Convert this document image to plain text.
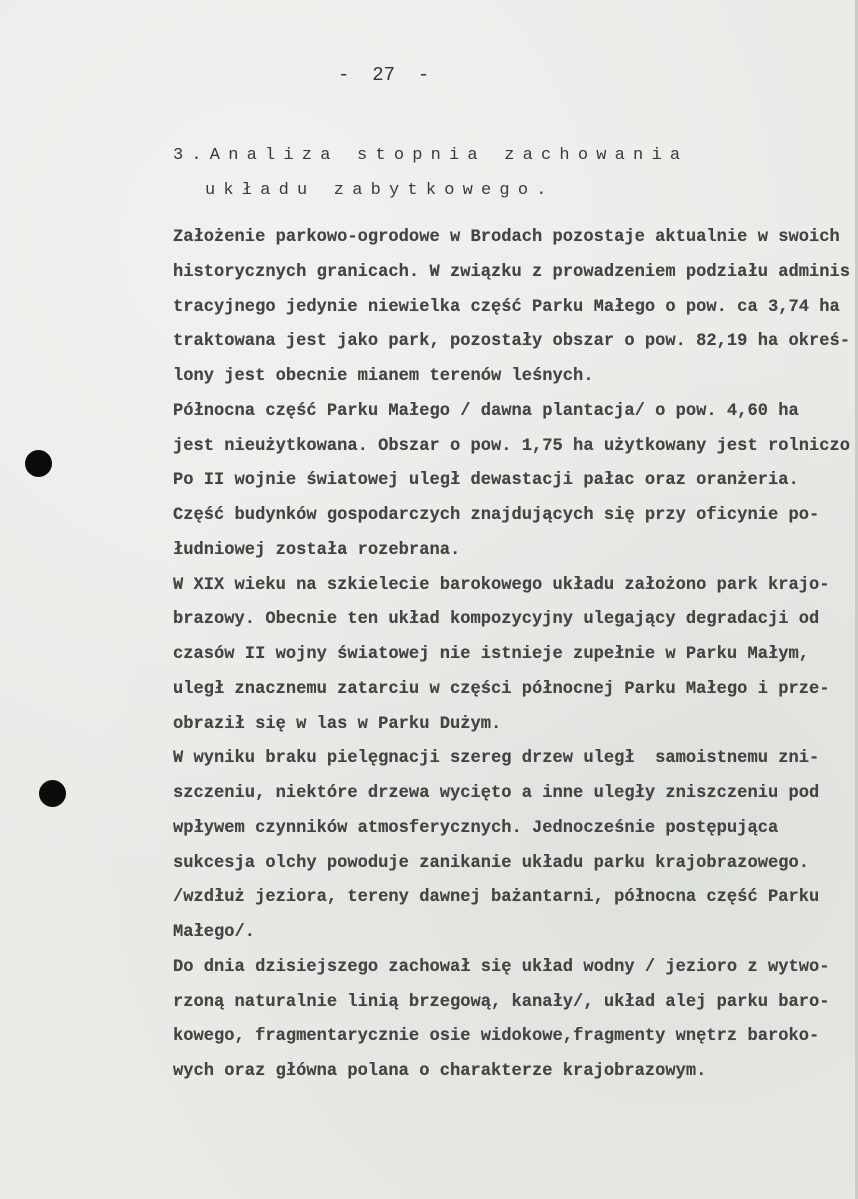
-  27  -
3.Analiza stopnia zachowania
układu zabytkowego.
Założenie parkowo-ogrodowe w Brodach pozostaje aktualnie w swoich
historycznych granicach. W związku z prowadzeniem podziału adminis
tracyjnego jedynie niewielka część Parku Małego o pow. ca 3,74 ha
traktowana jest jako park, pozostały obszar o pow. 82,19 ha okreś-
lony jest obecnie mianem terenów leśnych.
Północna część Parku Małego / dawna plantacja/ o pow. 4,60 ha
jest nieużytkowana. Obszar o pow. 1,75 ha użytkowany jest rolniczo
Po II wojnie światowej uległ dewastacji pałac oraz oranżeria.
Część budynków gospodarczych znajdujących się przy oficynie po-
łudniowej została rozebrana.
W XIX wieku na szkielecie barokowego układu założono park krajo-
brazowy. Obecnie ten układ kompozycyjny ulegający degradacji od
czasów II wojny światowej nie istnieje zupełnie w Parku Małym,
uległ znacznemu zatarciu w części północnej Parku Małego i prze-
obraził się w las w Parku Dużym.
W wyniku braku pielęgnacji szereg drzew uległ  samoistnemu zni-
szczeniu, niektóre drzewa wycięto a inne uległy zniszczeniu pod
wpływem czynników atmosferycznych. Jednocześnie postępująca
sukcesja olchy powoduje zanikanie układu parku krajobrazowego.
/wzdłuż jeziora, tereny dawnej bażantarni, północna część Parku
Małego/.
Do dnia dzisiejszego zachował się układ wodny / jezioro z wytwo-
rzoną naturalnie linią brzegową, kanały/, układ alej parku baro-
kowego, fragmentarycznie osie widokowe,fragmenty wnętrz baroko-
wych oraz główna polana o charakterze krajobrazowym.
